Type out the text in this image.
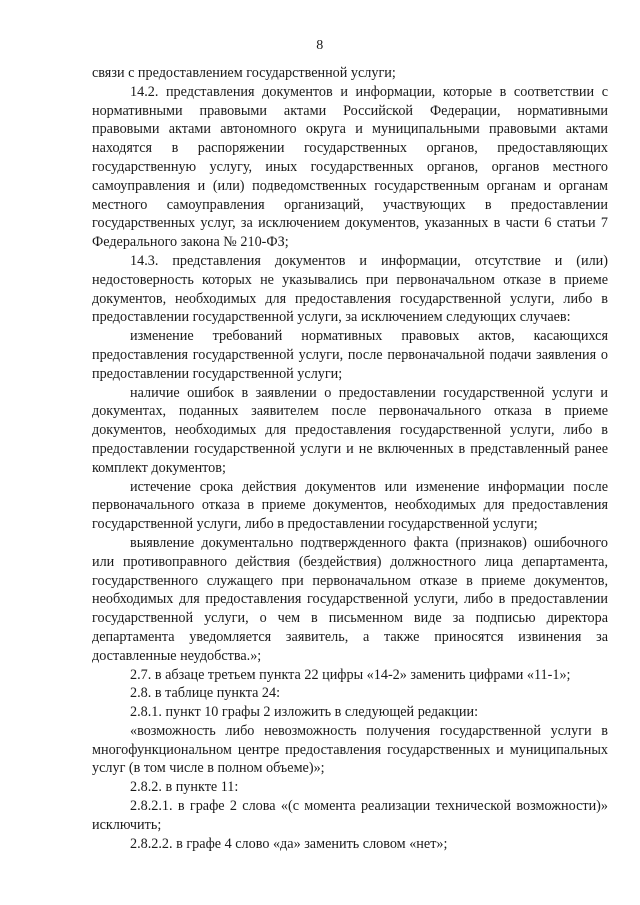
8

связи с предоставлением государственной услуги;

14.2. представления документов и информации, которые в соответствии с нормативными правовыми актами Российской Федерации, нормативными правовыми актами автономного округа и муниципальными правовыми актами находятся в распоряжении государственных органов, предоставляющих государственную услугу, иных государственных органов, органов местного самоуправления и (или) подведомственных государственным органам и органам местного самоуправления организаций, участвующих в предоставлении государственных услуг, за исключением документов, указанных в части 6 статьи 7 Федерального закона № 210-ФЗ;

14.3. представления документов и информации, отсутствие и (или) недостоверность которых не указывались при первоначальном отказе в приеме документов, необходимых для предоставления государственной услуги, либо в предоставлении государственной услуги, за исключением следующих случаев:

изменение требований нормативных правовых актов, касающихся предоставления государственной услуги, после первоначальной подачи заявления о предоставлении государственной услуги;

наличие ошибок в заявлении о предоставлении государственной услуги и документах, поданных заявителем после первоначального отказа в приеме документов, необходимых для предоставления государственной услуги, либо в предоставлении государственной услуги и не включенных в представленный ранее комплект документов;

истечение срока действия документов или изменение информации после первоначального отказа в приеме документов, необходимых для предоставления государственной услуги, либо в предоставлении государственной услуги;

выявление документально подтвержденного факта (признаков) ошибочного или противоправного действия (бездействия) должностного лица департамента, государственного служащего при первоначальном отказе в приеме документов, необходимых для предоставления государственной услуги, либо в предоставлении государственной услуги, о чем в письменном виде за подписью директора департамента уведомляется заявитель, а также приносятся извинения за доставленные неудобства.»;

2.7. в абзаце третьем пункта 22 цифры «14-2» заменить цифрами «11-1»;

2.8. в таблице пункта 24:

2.8.1. пункт 10 графы 2 изложить в следующей редакции:

«возможность либо невозможность получения государственной услуги в многофункциональном центре предоставления государственных и муниципальных услуг (в том числе в полном объеме)»;

2.8.2. в пункте 11:

2.8.2.1. в графе 2 слова «(с момента реализации технической возможности)» исключить;

2.8.2.2. в графе 4 слово «да» заменить словом «нет»;
